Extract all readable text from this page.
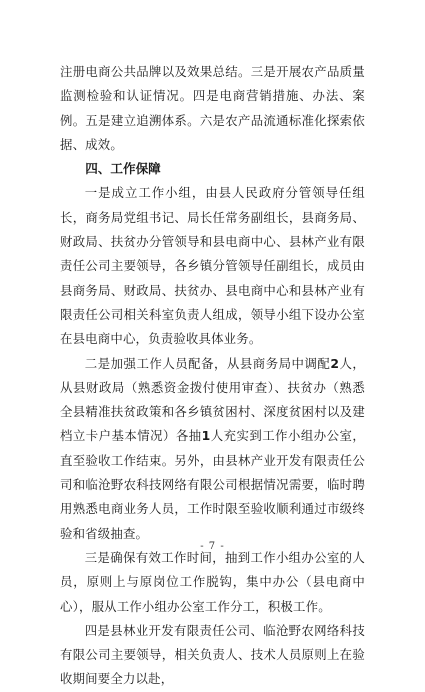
注册电商公共品牌以及效果总结。三是开展农产品质量监测检验和认证情况。四是电商营销措施、办法、案例。五是建立追溯体系。六是农产品流通标准化探索依据、成效。

四、工作保障

一是成立工作小组，由县人民政府分管领导任组长，商务局党组书记、局长任常务副组长，县商务局、财政局、扶贫办分管领导和县电商中心、县林产业有限责任公司主要领导，各乡镇分管领导任副组长，成员由县商务局、财政局、扶贫办、县电商中心和县林产业有限责任公司相关科室负责人组成，领导小组下设办公室在县电商中心，负责验收具体业务。

二是加强工作人员配备，从县商务局中调配2人，从县财政局（熟悉资金拨付使用审查）、扶贫办（熟悉全县精准扶贫政策和各乡镇贫困村、深度贫困村以及建档立卡户基本情况）各抽1人充实到工作小组办公室，直至验收工作结束。另外，由县林产业开发有限责任公司和临沧野农科技网络有限公司根据情况需要，临时聘用熟悉电商业务人员，工作时限至验收顺利通过市级终验和省级抽查。

三是确保有效工作时间，抽到工作小组办公室的人员，原则上与原岗位工作脱钩，集中办公（县电商中心），服从工作小组办公室工作分工，积极工作。

四是县林业开发有限责任公司、临沧野农网络科技有限公司主要领导，相关负责人、技术人员原则上在验收期间要全力以赴，

- 7 -
